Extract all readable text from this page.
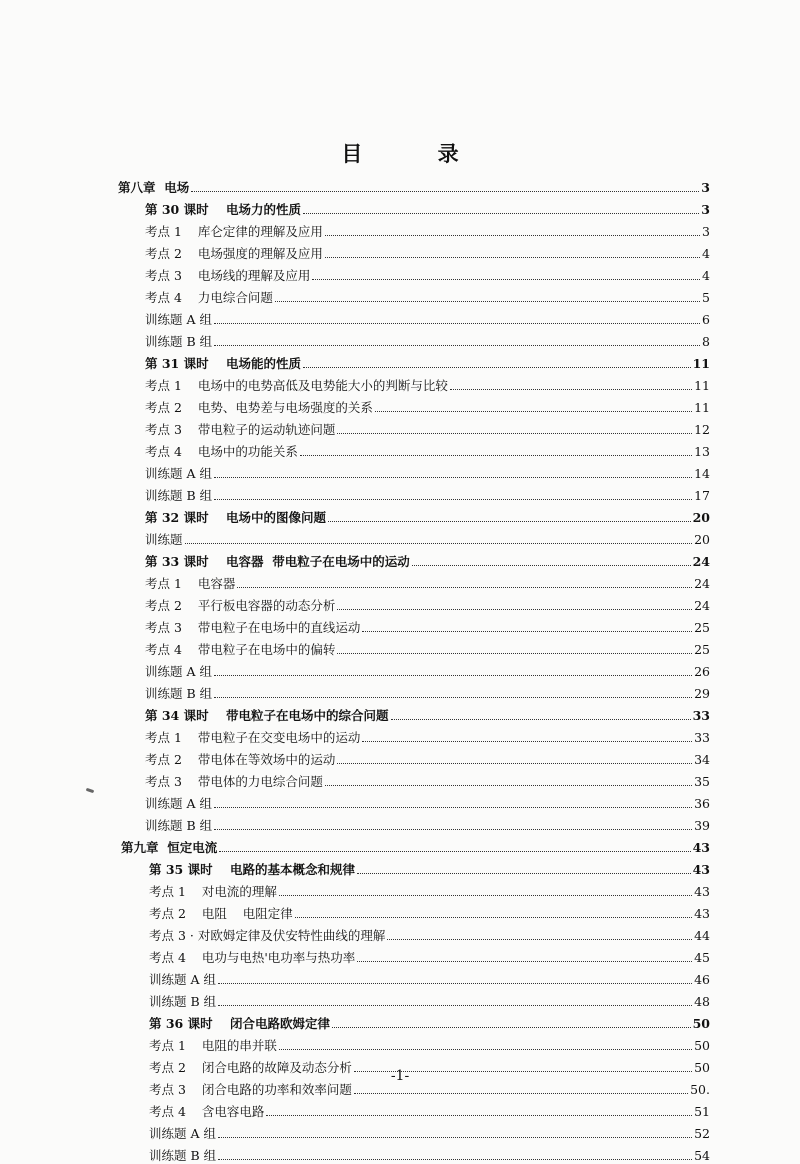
目 录
第八章  电场	3
第 30 课时    电场力的性质	3
考点 1    库仑定律的理解及应用	3
考点 2    电场强度的理解及应用	4
考点 3    电场线的理解及应用	4
考点 4    力电综合问题	5
训练题 A 组	6
训练题 B 组	8
第 31 课时    电场能的性质	11
考点 1    电场中的电势高低及电势能大小的判断与比较	11
考点 2    电势、电势差与电场强度的关系	11
考点 3    带电粒子的运动轨迹问题	12
考点 4    电场中的功能关系	13
训练题 A 组	14
训练题 B 组	17
第 32 课时    电场中的图像问题	20
训练题	20
第 33 课时    电容器  带电粒子在电场中的运动	24
考点 1    电容器	24
考点 2    平行板电容器的动态分析	24
考点 3    带电粒子在电场中的直线运动	25
考点 4    带电粒子在电场中的偏转	25
训练题 A 组	26
训练题 B 组	29
第 34 课时    带电粒子在电场中的综合问题	33
考点 1    带电粒子在交变电场中的运动	33
考点 2    带电体在等效场中的运动	34
考点 3    带电体的力电综合问题	35
训练题 A 组	36
训练题 B 组	39
第九章  恒定电流	43
第 35 课时    电路的基本概念和规律	43
考点 1    对电流的理解	43
考点 2    电阻    电阻定律	43
考点 3 · 对欧姆定律及伏安特性曲线的理解	44
考点 4    电功与电热'电功率与热功率	45
训练题 A 组	46
训练题 B 组	48
第 36 课时    闭合电路欧姆定律	50
考点 1    电阻的串并联	50
考点 2    闭合电路的故障及动态分析	50
考点 3    闭合电路的功率和效率问题	50.
考点 4    含电容电路	51
训练题 A 组	52
训练题 B 组	54
-1-
